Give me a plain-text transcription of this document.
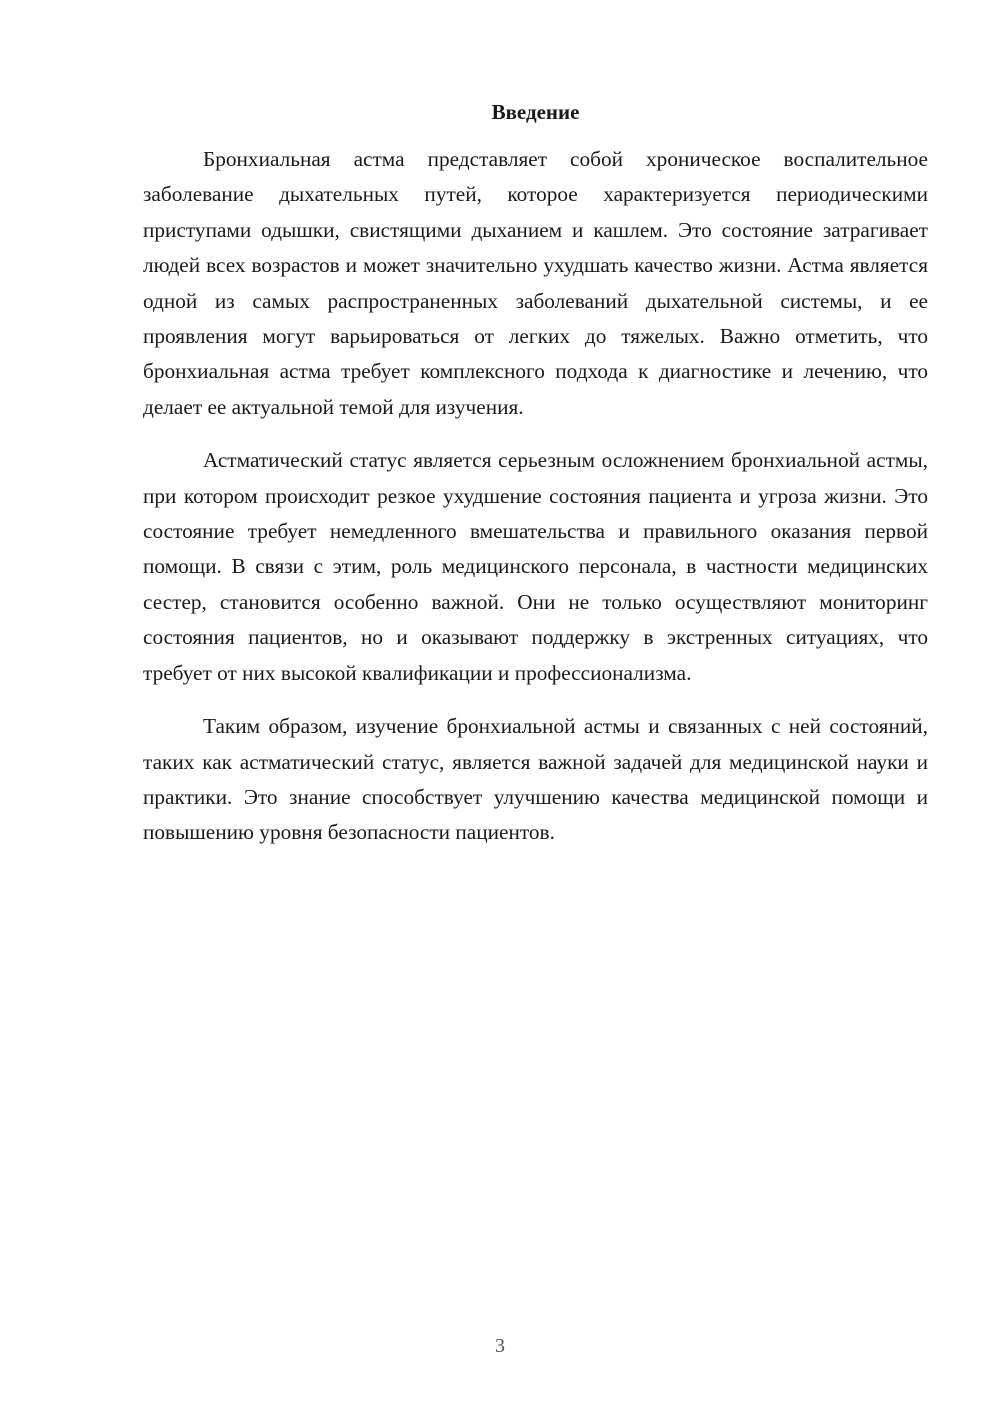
Введение

Бронхиальная астма представляет собой хроническое воспалительное заболевание дыхательных путей, которое характеризуется периодическими приступами одышки, свистящими дыханием и кашлем. Это состояние затрагивает людей всех возрастов и может значительно ухудшать качество жизни. Астма является одной из самых распространенных заболеваний дыхательной системы, и ее проявления могут варьироваться от легких до тяжелых. Важно отметить, что бронхиальная астма требует комплексного подхода к диагностике и лечению, что делает ее актуальной темой для изучения.

Астматический статус является серьезным осложнением бронхиальной астмы, при котором происходит резкое ухудшение состояния пациента и угроза жизни. Это состояние требует немедленного вмешательства и правильного оказания первой помощи. В связи с этим, роль медицинского персонала, в частности медицинских сестер, становится особенно важной. Они не только осуществляют мониторинг состояния пациентов, но и оказывают поддержку в экстренных ситуациях, что требует от них высокой квалификации и профессионализма.

Таким образом, изучение бронхиальной астмы и связанных с ней состояний, таких как астматический статус, является важной задачей для медицинской науки и практики. Это знание способствует улучшению качества медицинской помощи и повышению уровня безопасности пациентов.

3
